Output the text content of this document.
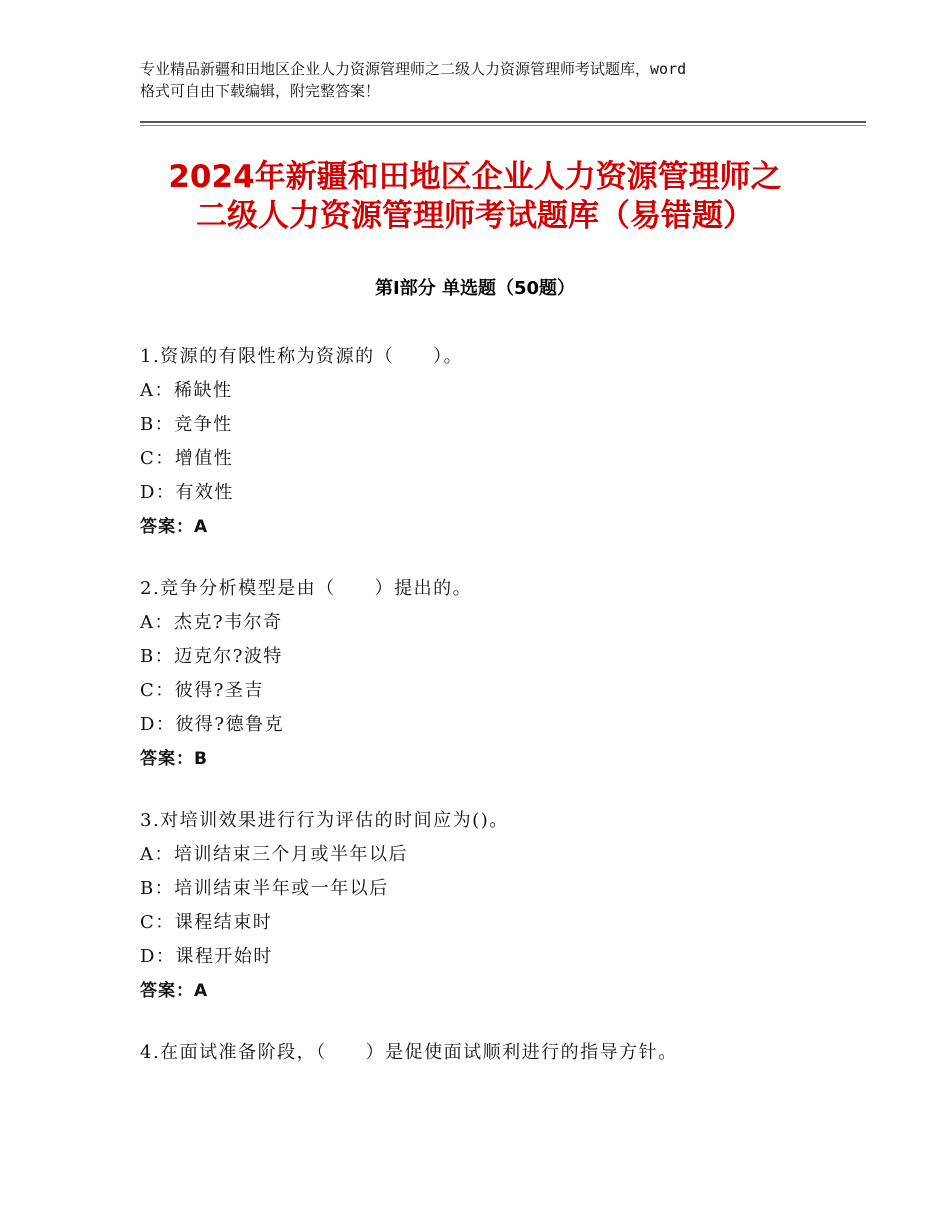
专业精品新疆和田地区企业人力资源管理师之二级人力资源管理师考试题库，word
格式可自由下载编辑，附完整答案！
2024年新疆和田地区企业人力资源管理师之
二级人力资源管理师考试题库（易错题）
第Ⅰ部分 单选题（50题）
1.资源的有限性称为资源的（　　）。
A：稀缺性
B：竞争性
C：增值性
D：有效性
答案：A
2.竞争分析模型是由（　　）提出的。
A：杰克?韦尔奇
B：迈克尔?波特
C：彼得?圣吉
D：彼得?德鲁克
答案：B
3.对培训效果进行行为评估的时间应为()。
A：培训结束三个月或半年以后
B：培训结束半年或一年以后
C：课程结束时
D：课程开始时
答案：A
4.在面试准备阶段，（　　）是促使面试顺利进行的指导方针。
